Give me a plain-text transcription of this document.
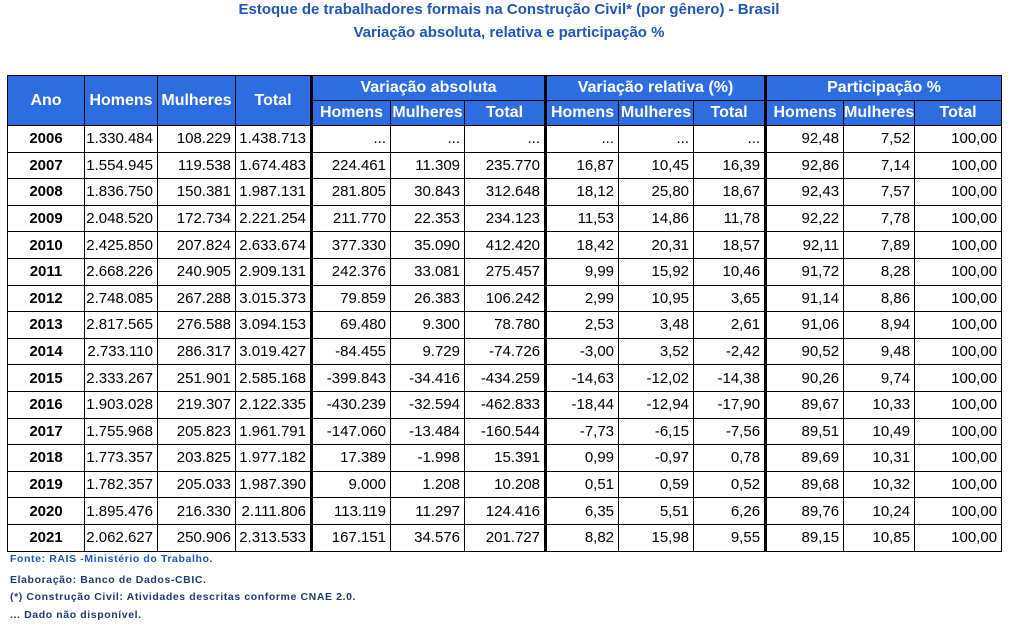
Estoque de trabalhadores formais na Construção Civil* (por gênero) - Brasil
Variação absoluta, relativa e participação %
Ano	Homens	Mulheres	Total	Variação absoluta			Variação relativa (%)			Participação %		
				Homens	Mulheres	Total	Homens	Mulheres	Total	Homens	Mulheres	Total
2006	1.330.484	108.229	1.438.713	...	...	...	...	...	...	92,48	7,52	100,00
2007	1.554.945	119.538	1.674.483	224.461	11.309	235.770	16,87	10,45	16,39	92,86	7,14	100,00
2008	1.836.750	150.381	1.987.131	281.805	30.843	312.648	18,12	25,80	18,67	92,43	7,57	100,00
2009	2.048.520	172.734	2.221.254	211.770	22.353	234.123	11,53	14,86	11,78	92,22	7,78	100,00
2010	2.425.850	207.824	2.633.674	377.330	35.090	412.420	18,42	20,31	18,57	92,11	7,89	100,00
2011	2.668.226	240.905	2.909.131	242.376	33.081	275.457	9,99	15,92	10,46	91,72	8,28	100,00
2012	2.748.085	267.288	3.015.373	79.859	26.383	106.242	2,99	10,95	3,65	91,14	8,86	100,00
2013	2.817.565	276.588	3.094.153	69.480	9.300	78.780	2,53	3,48	2,61	91,06	8,94	100,00
2014	2.733.110	286.317	3.019.427	-84.455	9.729	-74.726	-3,00	3,52	-2,42	90,52	9,48	100,00
2015	2.333.267	251.901	2.585.168	-399.843	-34.416	-434.259	-14,63	-12,02	-14,38	90,26	9,74	100,00
2016	1.903.028	219.307	2.122.335	-430.239	-32.594	-462.833	-18,44	-12,94	-17,90	89,67	10,33	100,00
2017	1.755.968	205.823	1.961.791	-147.060	-13.484	-160.544	-7,73	-6,15	-7,56	89,51	10,49	100,00
2018	1.773.357	203.825	1.977.182	17.389	-1.998	15.391	0,99	-0,97	0,78	89,69	10,31	100,00
2019	1.782.357	205.033	1.987.390	9.000	1.208	10.208	0,51	0,59	0,52	89,68	10,32	100,00
2020	1.895.476	216.330	2.111.806	113.119	11.297	124.416	6,35	5,51	6,26	89,76	10,24	100,00
2021	2.062.627	250.906	2.313.533	167.151	34.576	201.727	8,82	15,98	9,55	89,15	10,85	100,00
Fonte: RAIS -Ministério do Trabalho.
Elaboração: Banco de Dados-CBIC.
(*) Construção Civil: Atividades descritas conforme CNAE 2.0.
... Dado não disponível.
